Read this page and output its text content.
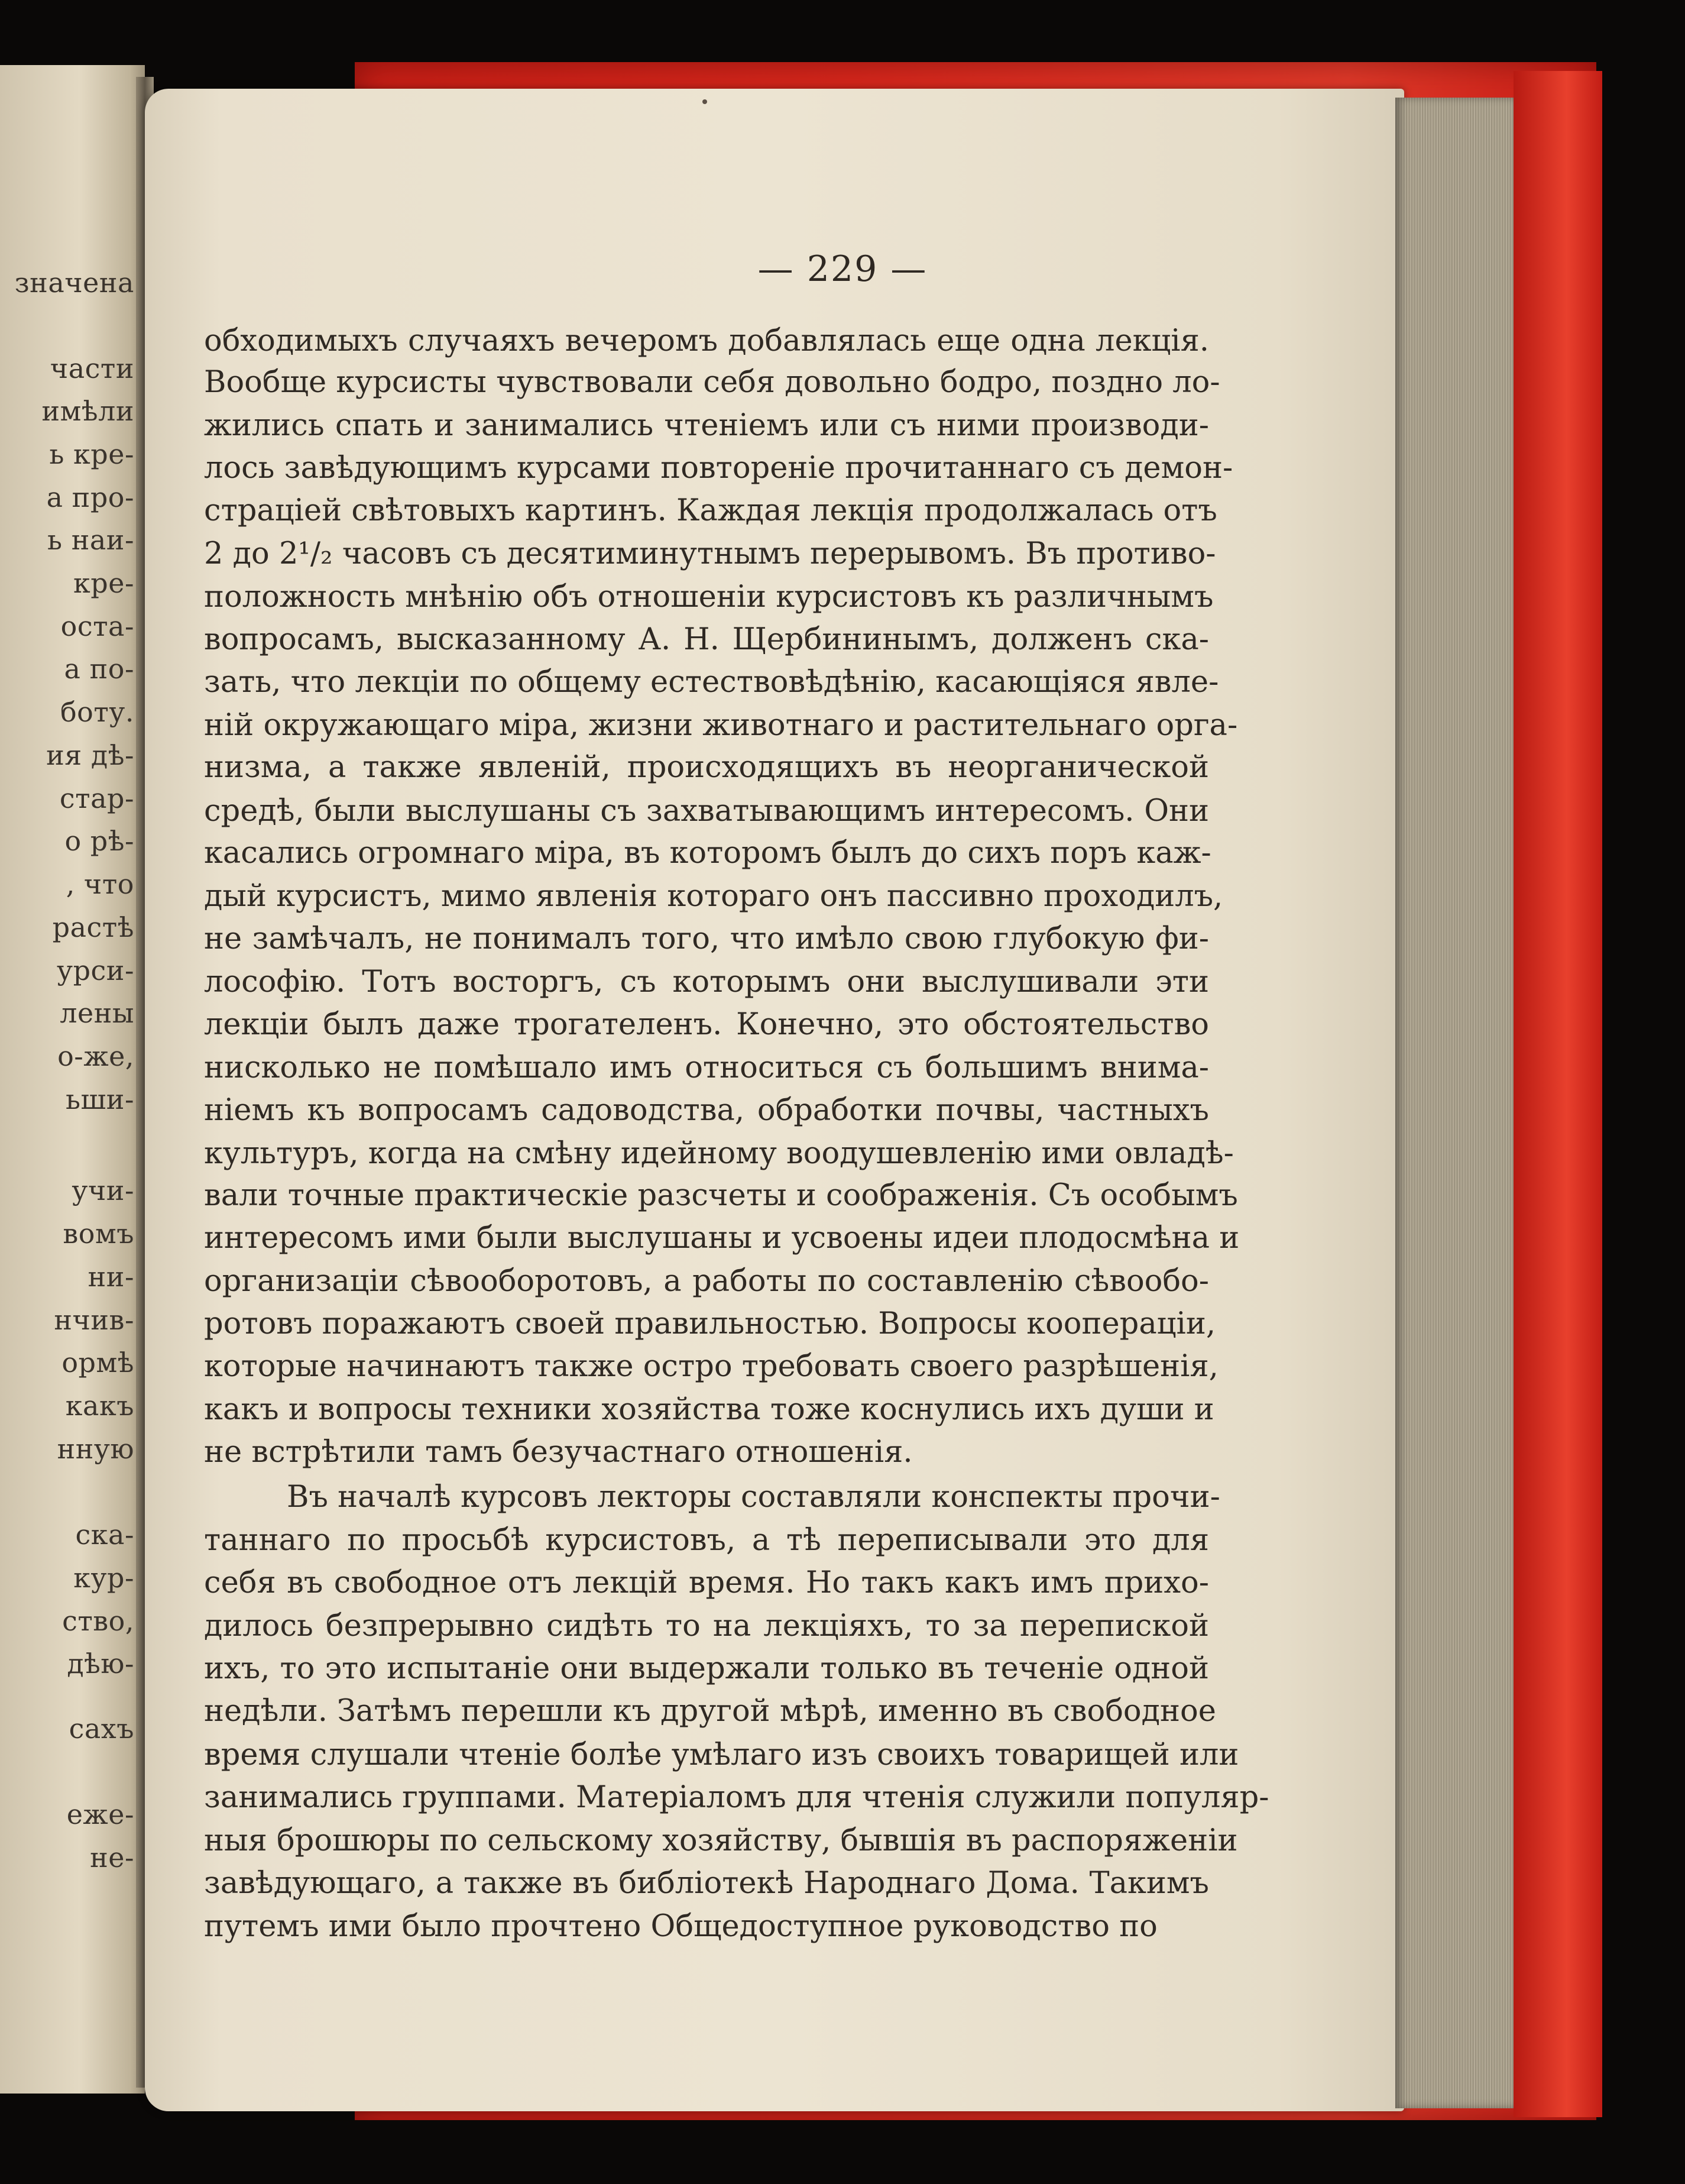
значена
части
имѣли
ь кре-
а про-
ь наи-
кре-
оста-
а по-
боту.
ия дѣ-
стар-
о рѣ-
, что
растѣ
урси-
лены
о-же,
ьши-
учи-
вомъ
ни-
нчив-
ормѣ
какъ
нную
ска-
кур-
ство,
дѣю-
сахъ
еже-
не-
— 229 —
обходимыхъ случаяхъ вечеромъ добавлялась еще одна лекція.
Вообще курсисты чувствовали себя довольно бодро, поздно ло-
жились спать и занимались чтеніемъ или съ ними производи-
лось завѣдующимъ курсами повтореніе прочитаннаго съ демон-
страціей свѣтовыхъ картинъ. Каждая лекція продолжалась отъ
2 до 2¹/₂ часовъ съ десятиминутнымъ перерывомъ. Въ противо-
положность мнѣнію объ отношеніи курсистовъ къ различнымъ
вопросамъ, высказанному А. Н. Щербининымъ, долженъ ска-
зать, что лекціи по общему естествовѣдѣнію, касающіяся явле-
ній окружающаго міра, жизни животнаго и растительнаго орга-
низма, а также явленій, происходящихъ въ неорганической
средѣ, были выслушаны съ захватывающимъ интересомъ. Они
касались огромнаго міра, въ которомъ былъ до сихъ поръ каж-
дый курсистъ, мимо явленія котораго онъ пассивно проходилъ,
не замѣчалъ, не понималъ того, что имѣло свою глубокую фи-
лософію. Тотъ восторгъ, съ которымъ они выслушивали эти
лекціи былъ даже трогателенъ. Конечно, это обстоятельство
нисколько не помѣшало имъ относиться съ большимъ внима-
ніемъ къ вопросамъ садоводства, обработки почвы, частныхъ
культуръ, когда на смѣну идейному воодушевленію ими овладѣ-
вали точные практическіе разсчеты и соображенія. Съ особымъ
интересомъ ими были выслушаны и усвоены идеи плодосмѣна и
организаціи сѣвооборотовъ, а работы по составленію сѣвообо-
ротовъ поражаютъ своей правильностью. Вопросы коопераціи,
которые начинаютъ также остро требовать своего разрѣшенія,
какъ и вопросы техники хозяйства тоже коснулись ихъ души и
не встрѣтили тамъ безучастнаго отношенія.
Въ началѣ курсовъ лекторы составляли конспекты прочи-
таннаго по просьбѣ курсистовъ, а тѣ переписывали это для
себя въ свободное отъ лекцій время. Но такъ какъ имъ прихо-
дилось безпрерывно сидѣть то на лекціяхъ, то за перепиской
ихъ, то это испытаніе они выдержали только въ теченіе одной
недѣли. Затѣмъ перешли къ другой мѣрѣ, именно въ свободное
время слушали чтеніе болѣе умѣлаго изъ своихъ товарищей или
занимались группами. Матеріаломъ для чтенія служили популяр-
ныя брошюры по сельскому хозяйству, бывшія въ распоряженіи
завѣдующаго, а также въ библіотекѣ Народнаго Дома. Такимъ
путемъ ими было прочтено Общедоступное руководство по
